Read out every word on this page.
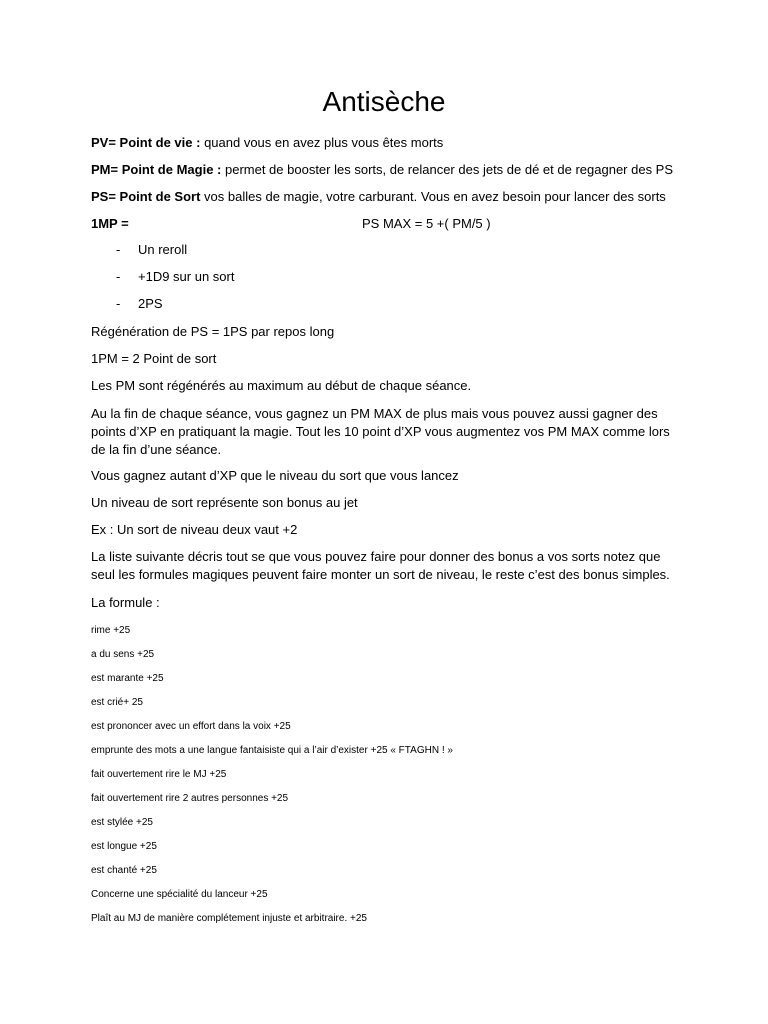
Antisèche

PV= Point de vie : quand vous en avez plus vous êtes morts

PM= Point de Magie : permet de booster les sorts, de relancer des jets de dé et de regagner des PS

PS= Point de Sort vos balles de magie, votre carburant. Vous en avez besoin pour lancer des sorts

1MP =	PS MAX = 5 +( PM/5 )

- Un reroll
- +1D9 sur un sort
- 2PS

Régénération de PS = 1PS par repos long

1PM = 2 Point de sort

Les PM sont régénérés au maximum au début de chaque séance.

Au la fin de chaque séance, vous gagnez un PM MAX de plus mais vous pouvez aussi gagner des points d’XP en pratiquant la magie. Tout les 10 point d’XP vous augmentez vos PM MAX comme lors de la fin d’une séance.

Vous gagnez autant d’XP que le niveau du sort que vous lancez

Un niveau de sort représente son bonus au jet

Ex : Un sort de niveau deux vaut +2

La liste suivante décris tout se que vous pouvez faire pour donner des bonus a vos sorts notez que seul les formules magiques peuvent faire monter un sort de niveau, le reste c’est des bonus simples.

La formule :

rime +25

a du sens +25

est marante +25

est crié+ 25

est prononcer avec un effort dans la voix +25

emprunte des mots a une langue fantaisiste qui a l’air d’exister +25 « FTAGHN ! »

fait ouvertement rire le MJ +25

fait ouvertement rire 2 autres personnes +25

est stylée +25

est longue +25

est chanté +25

Concerne une spécialité du lanceur +25

Plaît au MJ de manière complétement injuste et arbitraire. +25
